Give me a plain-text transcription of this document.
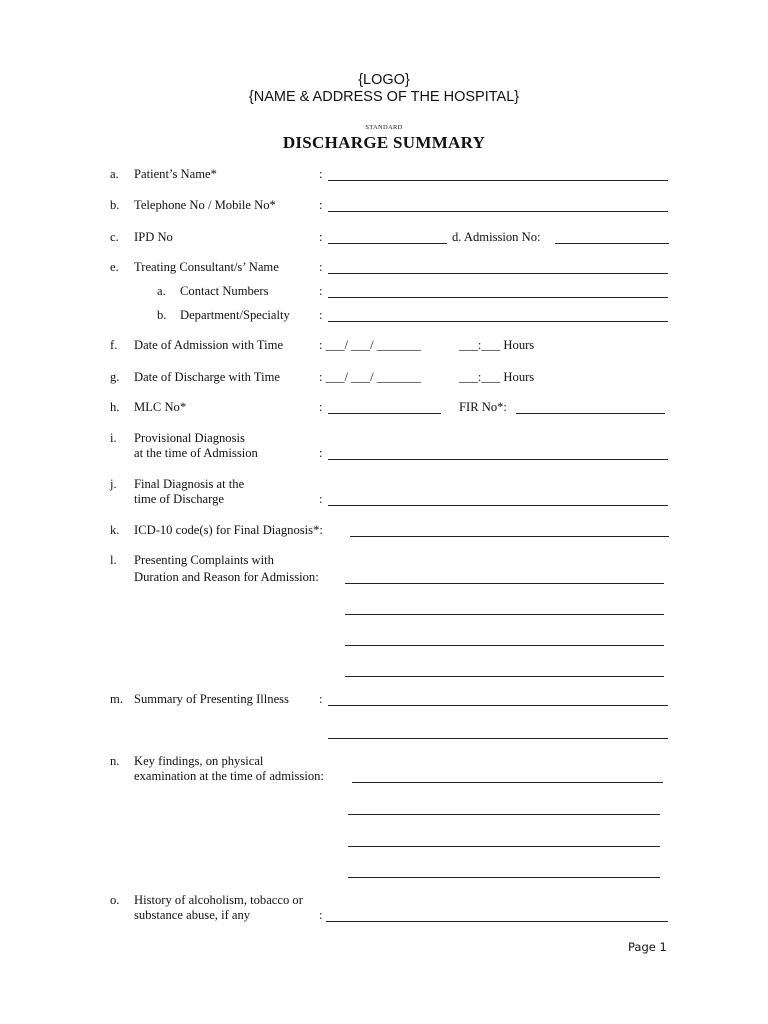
{LOGO}
{NAME & ADDRESS OF THE HOSPITAL}
STANDARD
DISCHARGE SUMMARY
a. Patient’s Name*	:
b. Telephone No / Mobile No*	:
c. IPD No	:	d. Admission No:
e. Treating Consultant/s’ Name	:
a. Contact Numbers	:
b. Department/Specialty :
f. Date of Admission with Time	: ___/ ___/ _______	___:___ Hours
g. Date of Discharge with Time	: ___/ ___/ _______	___:___ Hours
h. MLC No*	:	FIR No*:
i. Provisional Diagnosis
at the time of Admission	:
j. Final Diagnosis at the
time of Discharge	:
k. ICD-10 code(s) for Final Diagnosis*:
l. Presenting Complaints with
Duration and Reason for Admission:
m. Summary of Presenting Illness :
n. Key findings, on physical
examination at the time of admission:
o. History of alcoholism, tobacco or
substance abuse, if any	:
Page 1
